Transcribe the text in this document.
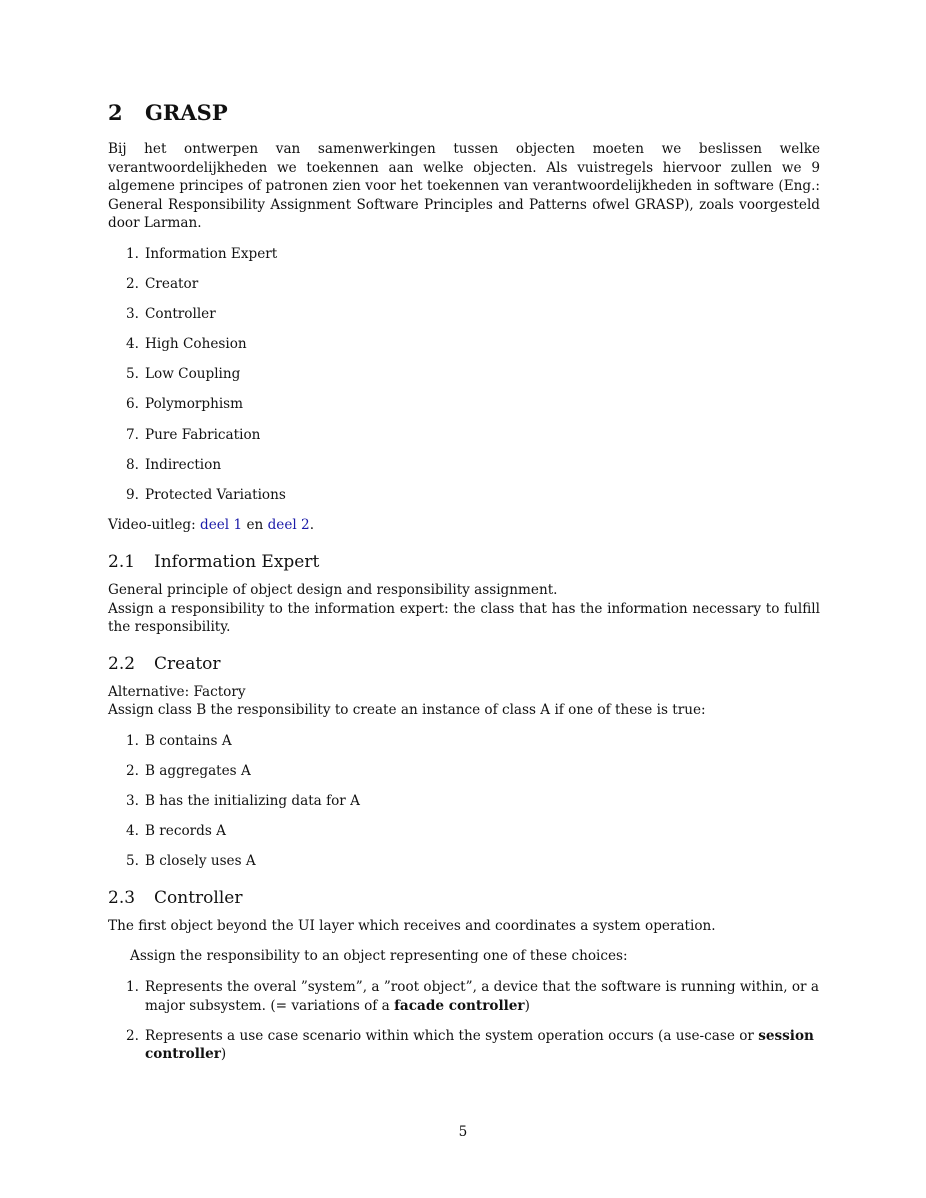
2 GRASP

Bij het ontwerpen van samenwerkingen tussen objecten moeten we beslissen welke verantwoordelijkheden we toekennen aan welke objecten. Als vuistregels hiervoor zullen we 9 algemene principes of patronen zien voor het toekennen van verantwoordelijkheden in software (Eng.: General Responsibility Assignment Software Principles and Patterns ofwel GRASP), zoals voorgesteld door Larman.

1. Information Expert
2. Creator
3. Controller
4. High Cohesion
5. Low Coupling
6. Polymorphism
7. Pure Fabrication
8. Indirection
9. Protected Variations

Video-uitleg: deel 1 en deel 2.

2.1 Information Expert

General principle of object design and responsibility assignment.

Assign a responsibility to the information expert: the class that has the information necessary to fulfill the responsibility.

2.2 Creator

Alternative: Factory

Assign class B the responsibility to create an instance of class A if one of these is true:

1. B contains A
2. B aggregates A
3. B has the initializing data for A
4. B records A
5. B closely uses A
2.3 Controller

The first object beyond the UI layer which receives and coordinates a system operation.

Assign the responsibility to an object representing one of these choices:

1. Represents the overal ”system”, a ”root object”, a device that the software is running within, or a major subsystem. (= variations of a facade controller)
2. Represents a use case scenario within which the system operation occurs (a use-case or session controller)
5
